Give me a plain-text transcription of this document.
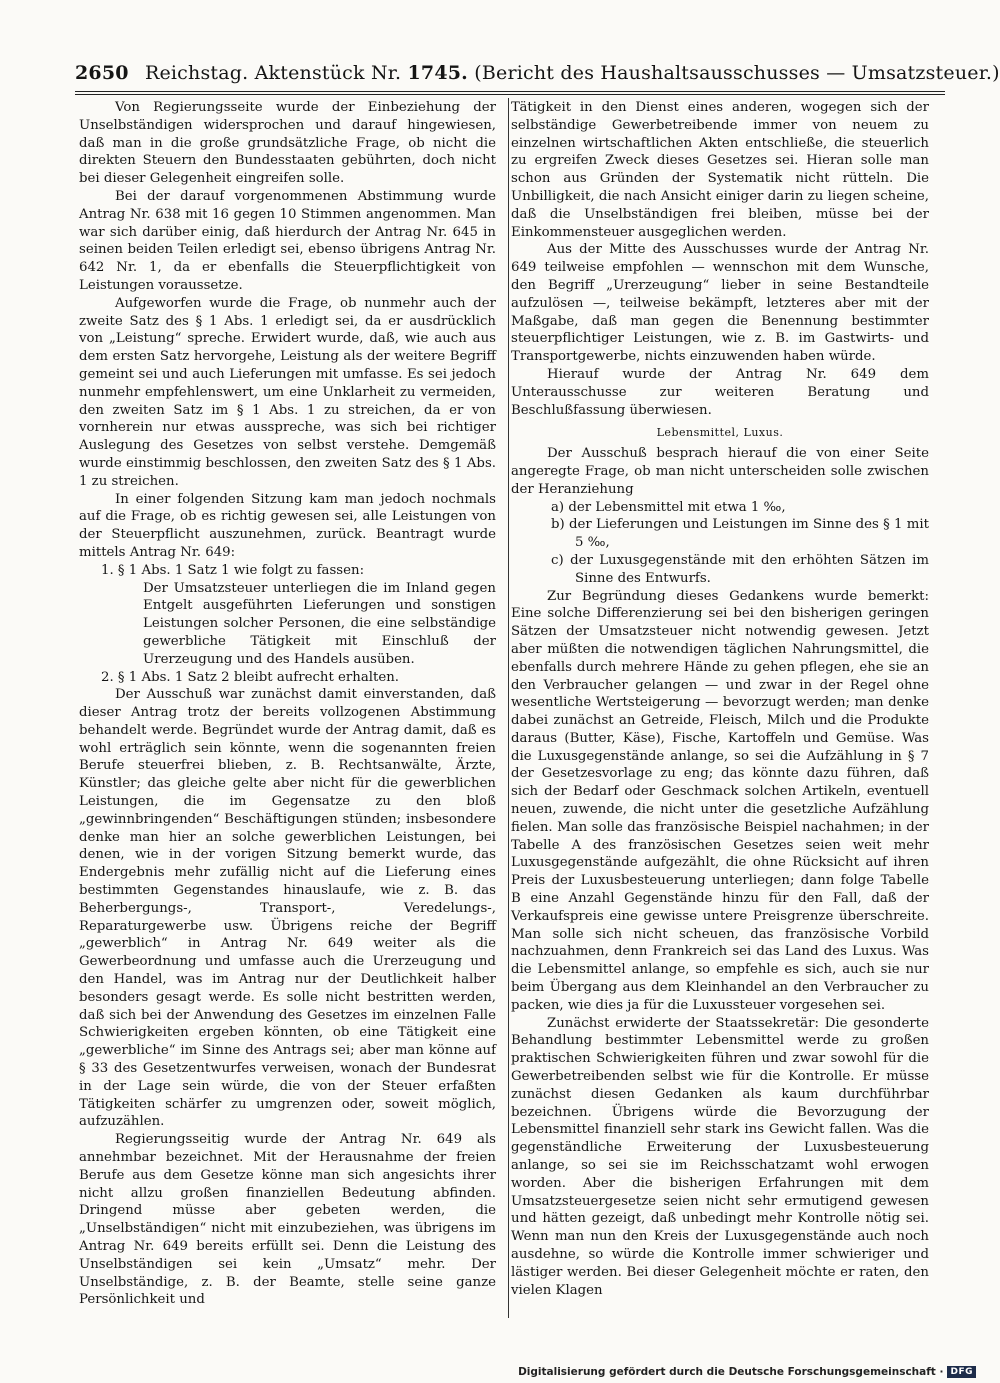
2650 Reichstag. Aktenstück Nr. 1745. (Bericht des Haushaltsausschusses — Umsatzsteuer.)

Von Regierungsseite wurde der Einbeziehung der Unselbständigen widersprochen und darauf hingewiesen, daß man in die große grundsätzliche Frage, ob nicht die direkten Steuern den Bundesstaaten gebührten, doch nicht bei dieser Gelegenheit eingreifen solle.

Bei der darauf vorgenommenen Abstimmung wurde Antrag Nr. 638 mit 16 gegen 10 Stimmen angenommen. Man war sich darüber einig, daß hierdurch der Antrag Nr. 645 in seinen beiden Teilen erledigt sei, ebenso übrigens Antrag Nr. 642 Nr. 1, da er ebenfalls die Steuerpflichtigkeit von Leistungen voraussetze.

Aufgeworfen wurde die Frage, ob nunmehr auch der zweite Satz des § 1 Abs. 1 erledigt sei, da er ausdrücklich von „Leistung“ spreche. Erwidert wurde, daß, wie auch aus dem ersten Satz hervorgehe, Leistung als der weitere Begriff gemeint sei und auch Lieferungen mit umfasse. Es sei jedoch nunmehr empfehlenswert, um eine Unklarheit zu vermeiden, den zweiten Satz im § 1 Abs. 1 zu streichen, da er von vornherein nur etwas ausspreche, was sich bei richtiger Auslegung des Gesetzes von selbst verstehe. Demgemäß wurde einstimmig beschlossen, den zweiten Satz des § 1 Abs. 1 zu streichen.

In einer folgenden Sitzung kam man jedoch nochmals auf die Frage, ob es richtig gewesen sei, alle Leistungen von der Steuerpflicht auszunehmen, zurück. Beantragt wurde mittels Antrag Nr. 649:

1. § 1 Abs. 1 Satz 1 wie folgt zu fassen:

Der Umsatzsteuer unterliegen die im Inland gegen Entgelt ausgeführten Lieferungen und sonstigen Leistungen solcher Personen, die eine selbständige gewerbliche Tätigkeit mit Einschluß der Urerzeugung und des Handels ausüben.

2. § 1 Abs. 1 Satz 2 bleibt aufrecht erhalten.

Der Ausschuß war zunächst damit einverstanden, daß dieser Antrag trotz der bereits vollzogenen Abstimmung behandelt werde. Begründet wurde der Antrag damit, daß es wohl erträglich sein könnte, wenn die sogenannten freien Berufe steuerfrei blieben, z. B. Rechtsanwälte, Ärzte, Künstler; das gleiche gelte aber nicht für die gewerblichen Leistungen, die im Gegensatze zu den bloß „gewinnbringenden“ Beschäftigungen stünden; insbesondere denke man hier an solche gewerblichen Leistungen, bei denen, wie in der vorigen Sitzung bemerkt wurde, das Endergebnis mehr zufällig nicht auf die Lieferung eines bestimmten Gegenstandes hinauslaufe, wie z. B. das Beherbergungs-, Transport-, Veredelungs-, Reparaturgewerbe usw. Übrigens reiche der Begriff „gewerblich“ in Antrag Nr. 649 weiter als die Gewerbeordnung und umfasse auch die Urerzeugung und den Handel, was im Antrag nur der Deutlichkeit halber besonders gesagt werde. Es solle nicht bestritten werden, daß sich bei der Anwendung des Gesetzes im einzelnen Falle Schwierigkeiten ergeben könnten, ob eine Tätigkeit eine „gewerbliche“ im Sinne des Antrags sei; aber man könne auf § 33 des Gesetzentwurfes verweisen, wonach der Bundesrat in der Lage sein würde, die von der Steuer erfaßten Tätigkeiten schärfer zu umgrenzen oder, soweit möglich, aufzuzählen.

Regierungsseitig wurde der Antrag Nr. 649 als annehmbar bezeichnet. Mit der Herausnahme der freien Berufe aus dem Gesetze könne man sich angesichts ihrer nicht allzu großen finanziellen Bedeutung abfinden. Dringend müsse aber gebeten werden, die „Unselbständigen“ nicht mit einzubeziehen, was übrigens im Antrag Nr. 649 bereits erfüllt sei. Denn die Leistung des Unselbständigen sei kein „Umsatz“ mehr. Der Unselbständige, z. B. der Beamte, stelle seine ganze Persönlichkeit und

Tätigkeit in den Dienst eines anderen, wogegen sich der selbständige Gewerbetreibende immer von neuem zu einzelnen wirtschaftlichen Akten entschließe, die steuerlich zu ergreifen Zweck dieses Gesetzes sei. Hieran solle man schon aus Gründen der Systematik nicht rütteln. Die Unbilligkeit, die nach Ansicht einiger darin zu liegen scheine, daß die Unselbständigen frei bleiben, müsse bei der Einkommensteuer ausgeglichen werden.

Aus der Mitte des Ausschusses wurde der Antrag Nr. 649 teilweise empfohlen — wennschon mit dem Wunsche, den Begriff „Urerzeugung“ lieber in seine Bestandteile aufzulösen —, teilweise bekämpft, letzteres aber mit der Maßgabe, daß man gegen die Benennung bestimmter steuerpflichtiger Leistungen, wie z. B. im Gastwirts- und Transportgewerbe, nichts einzuwenden haben würde.

Hierauf wurde der Antrag Nr. 649 dem Unterausschusse zur weiteren Beratung und Beschlußfassung überwiesen.

Lebensmittel, Luxus.

Der Ausschuß besprach hierauf die von einer Seite angeregte Frage, ob man nicht unterscheiden solle zwischen der Heranziehung

a) der Lebensmittel mit etwa 1 ‰,

b) der Lieferungen und Leistungen im Sinne des § 1 mit 5 ‰,

c) der Luxusgegenstände mit den erhöhten Sätzen im Sinne des Entwurfs.

Zur Begründung dieses Gedankens wurde bemerkt: Eine solche Differenzierung sei bei den bisherigen geringen Sätzen der Umsatzsteuer nicht notwendig gewesen. Jetzt aber müßten die notwendigen täglichen Nahrungsmittel, die ebenfalls durch mehrere Hände zu gehen pflegen, ehe sie an den Verbraucher gelangen — und zwar in der Regel ohne wesentliche Wertsteigerung — bevorzugt werden; man denke dabei zunächst an Getreide, Fleisch, Milch und die Produkte daraus (Butter, Käse), Fische, Kartoffeln und Gemüse. Was die Luxusgegenstände anlange, so sei die Aufzählung in § 7 der Gesetzesvorlage zu eng; das könnte dazu führen, daß sich der Bedarf oder Geschmack solchen Artikeln, eventuell neuen, zuwende, die nicht unter die gesetzliche Aufzählung fielen. Man solle das französische Beispiel nachahmen; in der Tabelle A des französischen Gesetzes seien weit mehr Luxusgegenstände aufgezählt, die ohne Rücksicht auf ihren Preis der Luxusbesteuerung unterliegen; dann folge Tabelle B eine Anzahl Gegenstände hinzu für den Fall, daß der Verkaufspreis eine gewisse untere Preisgrenze überschreite. Man solle sich nicht scheuen, das französische Vorbild nachzuahmen, denn Frankreich sei das Land des Luxus. Was die Lebensmittel anlange, so empfehle es sich, auch sie nur beim Übergang aus dem Kleinhandel an den Verbraucher zu packen, wie dies ja für die Luxussteuer vorgesehen sei.

Zunächst erwiderte der Staatssekretär: Die gesonderte Behandlung bestimmter Lebensmittel werde zu großen praktischen Schwierigkeiten führen und zwar sowohl für die Gewerbetreibenden selbst wie für die Kontrolle. Er müsse zunächst diesen Gedanken als kaum durchführbar bezeichnen. Übrigens würde die Bevorzugung der Lebensmittel finanziell sehr stark ins Gewicht fallen. Was die gegenständliche Erweiterung der Luxusbesteuerung anlange, so sei sie im Reichsschatzamt wohl erwogen worden. Aber die bisherigen Erfahrungen mit dem Umsatzsteuergesetze seien nicht sehr ermutigend gewesen und hätten gezeigt, daß unbedingt mehr Kontrolle nötig sei. Wenn man nun den Kreis der Luxusgegenstände auch noch ausdehne, so würde die Kontrolle immer schwieriger und lästiger werden. Bei dieser Gelegenheit möchte er raten, den vielen Klagen

Digitalisierung gefördert durch die Deutsche Forschungsgemeinschaft · DFG
